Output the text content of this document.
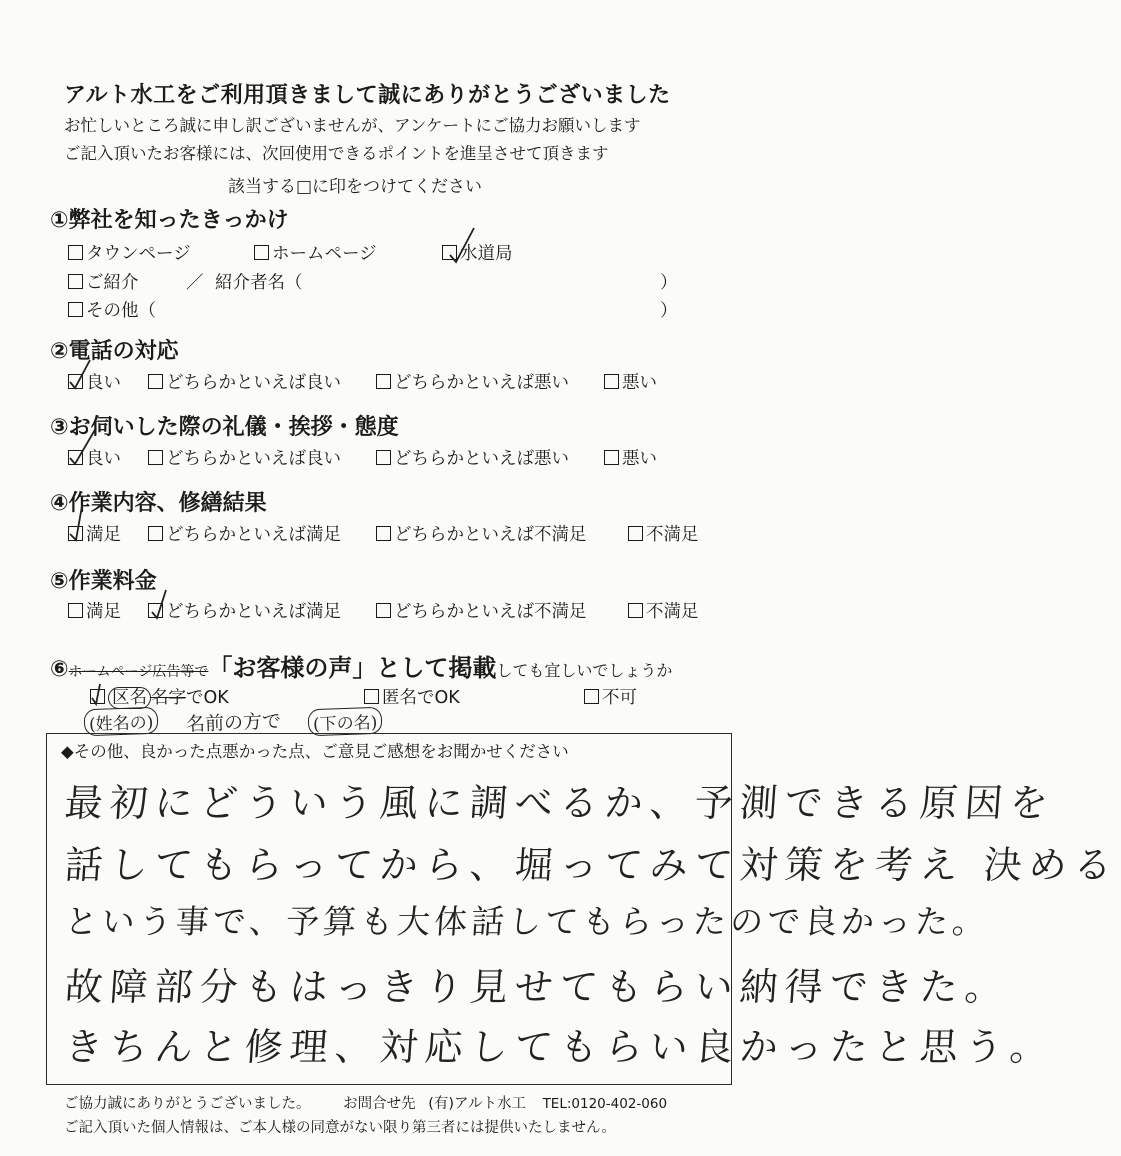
アルト水工をご利用頂きまして誠にありがとうございました
お忙しいところ誠に申し訳ございませんが、アンケートにご協力お願いします
ご記入頂いたお客様には、次回使用できるポイントを進呈させて頂きます
該当する□に印をつけてください
①弊社を知ったきっかけ
タウンページ	ホームページ	水道局
ご紹介	／ 紹介者名（	）
その他（	）
②電話の対応
良い	どちらかといえば良い	どちらかといえば悪い	悪い
③お伺いした際の礼儀・挨拶・態度
良い	どちらかといえば良い	どちらかといえば悪い	悪い
④作業内容、修繕結果
満足	どちらかといえば満足	どちらかといえば不満足	不満足
⑤作業料金
満足	どちらかといえば満足	どちらかといえば不満足	不満足
⑥ ホームページ広告等で 「お客様の声」として掲載 しても宜しいでしょうか
区名 名字でOK	匿名でOK	不可
(姓名の) 名前の方で	(下の名)
◆その他、良かった点悪かった点、ご意見ご感想をお聞かせください
最初にどういう風に調べるか、予測できる原因を
話してもらってから、堀ってみて対策を考え 決める
という事で、予算も大体話してもらったので良かった。
故障部分もはっきり見せてもらい納得できた。
きちんと修理、対応してもらい良かったと思う。
ご協力誠にありがとうございました。 お問合せ先 (有)アルト水工 TEL:0120-402-060
ご記入頂いた個人情報は、ご本人様の同意がない限り第三者には提供いたしません。
